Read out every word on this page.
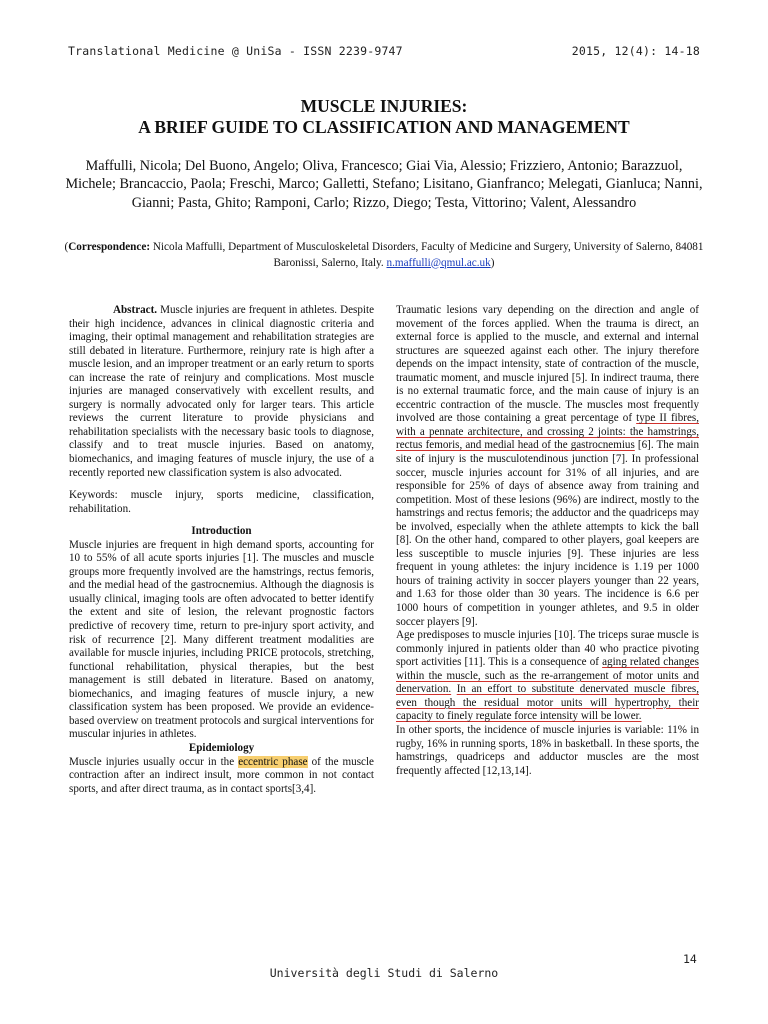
Translational Medicine @ UniSa - ISSN 2239-9747	2015, 12(4): 14-18
MUSCLE INJURIES:
A BRIEF GUIDE TO CLASSIFICATION AND MANAGEMENT
Maffulli, Nicola; Del Buono, Angelo; Oliva, Francesco; Giai Via, Alessio; Frizziero, Antonio; Barazzuol, Michele; Brancaccio, Paola; Freschi, Marco; Galletti, Stefano; Lisitano, Gianfranco; Melegati, Gianluca; Nanni, Gianni; Pasta, Ghito; Ramponi, Carlo; Rizzo, Diego; Testa, Vittorino; Valent, Alessandro
(Correspondence: Nicola Maffulli, Department of Musculoskeletal Disorders, Faculty of Medicine and Surgery, University of Salerno, 84081 Baronissi, Salerno, Italy. n.maffulli@qmul.ac.uk)

Abstract. Muscle injuries are frequent in athletes. Despite their high incidence, advances in clinical diagnostic criteria and imaging, their optimal management and rehabilitation strategies are still debated in literature. Furthermore, reinjury rate is high after a muscle lesion, and an improper treatment or an early return to sports can increase the rate of reinjury and complications. Most muscle injuries are managed conservatively with excellent results, and surgery is normally advocated only for larger tears. This article reviews the current literature to provide physicians and rehabilitation specialists with the necessary basic tools to diagnose, classify and to treat muscle injuries. Based on anatomy, biomechanics, and imaging features of muscle injury, the use of a recently reported new classification system is also advocated.

Keywords: muscle injury, sports medicine, classification, rehabilitation.

Introduction

Muscle injuries are frequent in high demand sports, accounting for 10 to 55% of all acute sports injuries [1]. The muscles and muscle groups more frequently involved are the hamstrings, rectus femoris, and the medial head of the gastrocnemius. Although the diagnosis is usually clinical, imaging tools are often advocated to better identify the extent and site of lesion, the relevant prognostic factors predictive of recovery time, return to pre-injury sport activity, and risk of recurrence [2]. Many different treatment modalities are available for muscle injuries, including PRICE protocols, stretching, functional rehabilitation, physical therapies, but the best management is still debated in literature. Based on anatomy, biomechanics, and imaging features of muscle injury, a new classification system has been proposed. We provide an evidence-based overview on treatment protocols and surgical interventions for muscular injuries in athletes.

Epidemiology

Muscle injuries usually occur in the eccentric phase of the muscle contraction after an indirect insult, more common in not contact sports, and after direct trauma, as in contact sports[3,4].

Traumatic lesions vary depending on the direction and angle of movement of the forces applied. When the trauma is direct, an external force is applied to the muscle, and external and internal structures are squeezed against each other. The injury therefore depends on the impact intensity, state of contraction of the muscle, traumatic moment, and muscle injured [5]. In indirect trauma, there is no external traumatic force, and the main cause of injury is an eccentric contraction of the muscle. The muscles most frequently involved are those containing a great percentage of type II fibres, with a pennate architecture, and crossing 2 joints: the hamstrings, rectus femoris, and medial head of the gastrocnemius [6]. The main site of injury is the musculotendinous junction [7]. In professional soccer, muscle injuries account for 31% of all injuries, and are responsible for 25% of days of absence away from training and competition. Most of these lesions (96%) are indirect, mostly to the hamstrings and rectus femoris; the adductor and the quadriceps may be involved, especially when the athlete attempts to kick the ball [8]. On the other hand, compared to other players, goal keepers are less susceptible to muscle injuries [9]. These injuries are less frequent in young athletes: the injury incidence is 1.19 per 1000 hours of training activity in soccer players younger than 22 years, and 1.63 for those older than 30 years. The incidence is 6.6 per 1000 hours of competition in younger athletes, and 9.5 in older soccer players [9].

Age predisposes to muscle injuries [10]. The triceps surae muscle is commonly injured in patients older than 40 who practice pivoting sport activities [11]. This is a consequence of aging related changes within the muscle, such as the re-arrangement of motor units and denervation. In an effort to substitute denervated muscle fibres, even though the residual motor units will hypertrophy, their capacity to finely regulate force intensity will be lower.

In other sports, the incidence of muscle injuries is variable: 11% in rugby, 16% in running sports, 18% in basketball. In these sports, the hamstrings, quadriceps and adductor muscles are the most frequently affected [12,13,14].

14
Università degli Studi di Salerno
